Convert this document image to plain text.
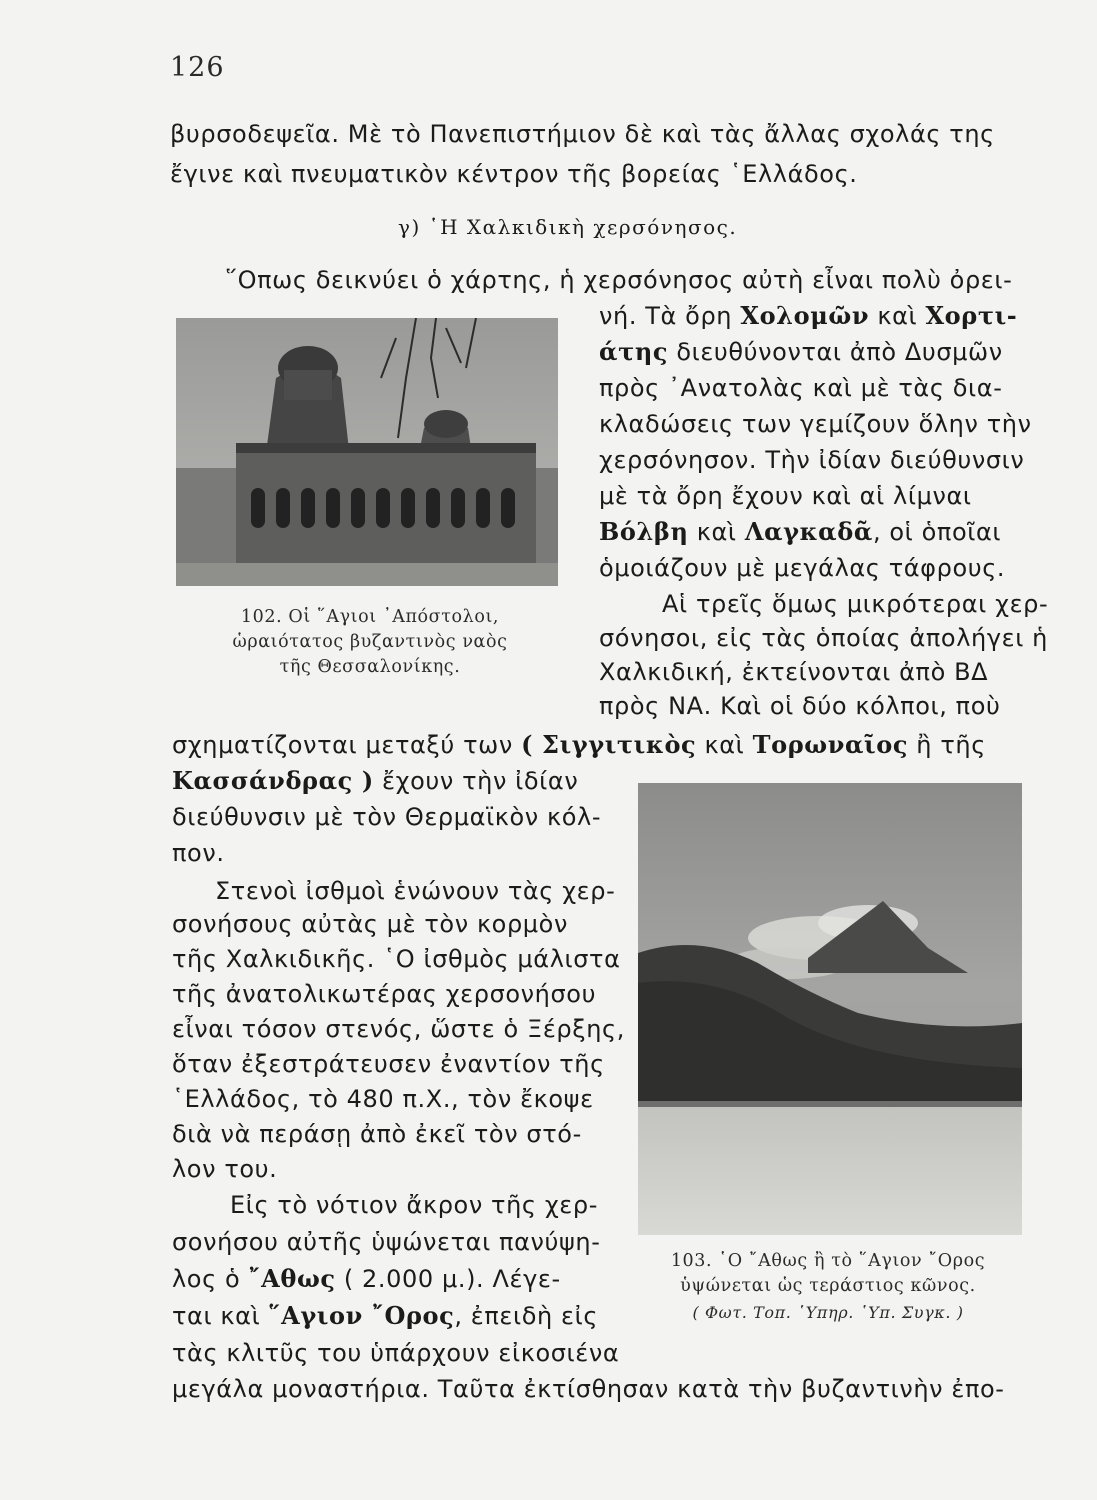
126
βυρσοδεψεῖα. Μὲ τὸ Πανεπιστήμιον δὲ καὶ τὰς ἄλλας σχολάς της
ἔγινε καὶ πνευματικὸν κέντρον τῆς βορείας ῾Ελλάδος.
γ) ῾Η Χαλκιδικὴ χερσόνησος.
῞Οπως δεικνύει ὁ χάρτης, ἡ χερσόνησος αὐτὴ εἶναι πολὺ ὀρει-
νή. Τὰ ὄρη Χολομῶν καὶ Χορτι-
άτης διευθύνονται ἀπὸ Δυσμῶν
πρὸς ᾿Ανατολὰς καὶ μὲ τὰς δια-
κλαδώσεις των γεμίζουν ὅλην τὴν
χερσόνησον. Τὴν ἰδίαν διεύθυνσιν
μὲ τὰ ὄρη ἔχουν καὶ αἱ λίμναι
Βόλβη καὶ Λαγκαδᾶ, οἱ ὁποῖαι
ὁμοιάζουν μὲ μεγάλας τάφρους.
Αἱ τρεῖς ὅμως μικρότεραι χερ-
σόνησοι, εἰς τὰς ὁποίας ἀπολήγει ἡ
Χαλκιδική, ἐκτείνονται ἀπὸ ΒΔ
πρὸς ΝΑ. Καὶ οἱ δύο κόλποι, ποὺ
σχηματίζονται μεταξύ των ( Σιγγιτικὸς καὶ Τορωναῖος ἢ τῆς
Κασσάνδρας ) ἔχουν τὴν ἰδίαν
διεύθυνσιν μὲ τὸν Θερμαϊκὸν κόλ-
πον.
Στενοὶ ἰσθμοὶ ἑνώνουν τὰς χερ-
σονήσους αὐτὰς μὲ τὸν κορμὸν
τῆς Χαλκιδικῆς. ῾Ο ἰσθμὸς μάλιστα
τῆς ἀνατολικωτέρας χερσονήσου
εἶναι τόσον στενός, ὥστε ὁ Ξέρξης,
ὅταν ἐξεστράτευσεν ἐναντίον τῆς
῾Ελλάδος, τὸ 480 π.Χ., τὸν ἔκοψε
διὰ νὰ περάσῃ ἀπὸ ἐκεῖ τὸν στό-
λον του.
Εἰς τὸ νότιον ἄκρον τῆς χερ-
σονήσου αὐτῆς ὑψώνεται πανύψη-
λος ὁ ῎Αθως ( 2.000 μ.). Λέγε-
ται καὶ ῞Αγιον ῎Ορος, ἐπειδὴ εἰς
τὰς κλιτῦς του ὑπάρχουν εἰκοσιένα
μεγάλα μοναστήρια. Ταῦτα ἐκτίσθησαν κατὰ τὴν βυζαντινὴν ἐπο-
102. Οἱ ῞Αγιοι ᾿Απόστολοι,
ὡραιότατος βυζαντινὸς ναὸς
τῆς Θεσσαλονίκης.
103. ῾Ο ῎Αθως ἢ τὸ ῞Αγιον ῎Ορος
ὑψώνεται ὡς τεράστιος κῶνος.
( Φωτ. Τοπ. ῾Υπηρ. ῾Υπ. Συγκ. )
